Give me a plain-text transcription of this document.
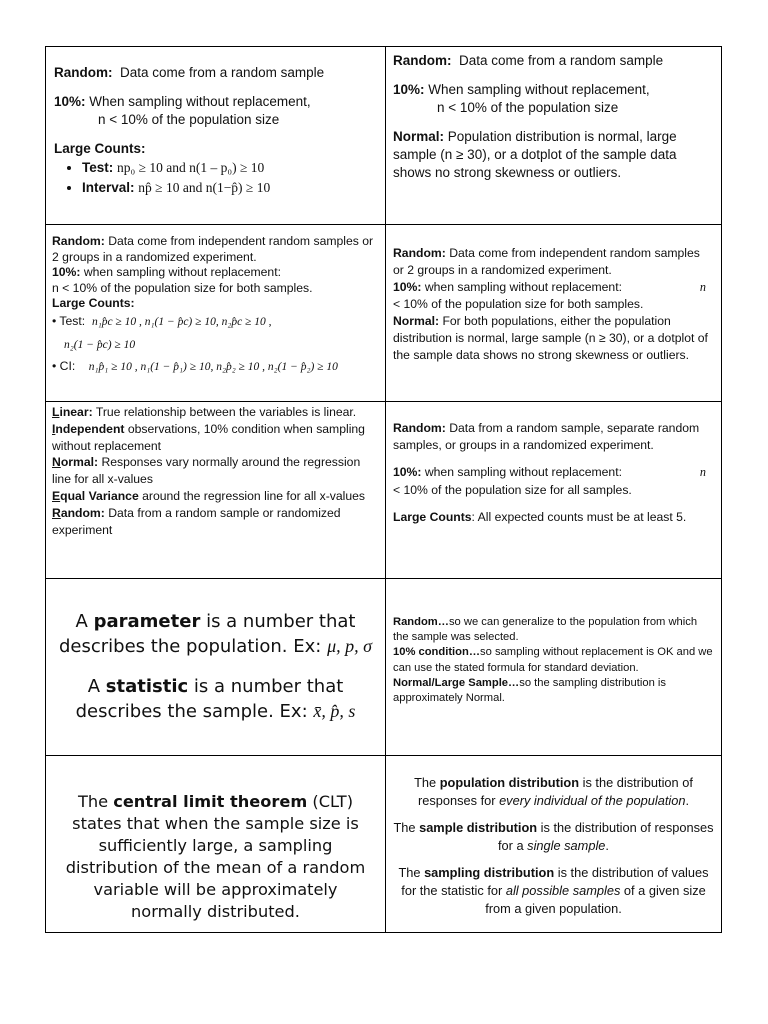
Random: Data come from a random sample

10%: When sampling without replacement,

n < 10% of the population size

Large Counts:

• Test: np₀ ≥ 10 and n(1 – p₀) ≥ 10
• Interval: np̂ ≥ 10 and n(1−p̂) ≥ 10

Random: Data come from a random sample

10%: When sampling without replacement,

n < 10% of the population size

Normal: Population distribution is normal, large sample (n ≥ 30), or a dotplot of the sample data shows no strong skewness or outliers.

Random: Data come from independent random samples or 2 groups in a randomized experiment.

10%: when sampling without replacement:

n < 10% of the population size for both samples.

Large Counts:

• Test: n₁p̂c ≥ 10 , n₁(1 − p̂c) ≥ 10, n₂p̂c ≥ 10 ,

n₂(1 − p̂c) ≥ 10

• CI: n₁p̂₁ ≥ 10 , n₁(1 − p̂₁) ≥ 10, n₂p̂₂ ≥ 10 , n₂(1 − p̂₂) ≥ 10

Random: Data come from independent random samples or 2 groups in a randomized experiment.

10%: when sampling without replacement:	n

< 10% of the population size for both samples.

Normal: For both populations, either the population distribution is normal, large sample (n ≥ 30), or a dotplot of the sample data shows no strong skewness or outliers.

Linear: True relationship between the variables is linear.

Independent observations, 10% condition when sampling without replacement

Normal: Responses vary normally around the regression line for all x-values

Equal Variance around the regression line for all x-values

Random: Data from a random sample or randomized experiment

Random: Data from a random sample, separate random samples, or groups in a randomized experiment.

10%: when sampling without replacement:	n

< 10% of the population size for all samples.

Large Counts: All expected counts must be at least 5.

A parameter is a number that describes the population. Ex: μ, p, σ

A statistic is a number that describes the sample. Ex: x̄, p̂, s

Random…so we can generalize to the population from which the sample was selected.

10% condition…so sampling without replacement is OK and we can use the stated formula for standard deviation.

Normal/Large Sample…so the sampling distribution is approximately Normal.

The central limit theorem (CLT) states that when the sample size is sufficiently large, a sampling distribution of the mean of a random variable will be approximately normally distributed.

The population distribution is the distribution of responses for every individual of the population.

The sample distribution is the distribution of responses for a single sample.

The sampling distribution is the distribution of values for the statistic for all possible samples of a given size from a given population.
